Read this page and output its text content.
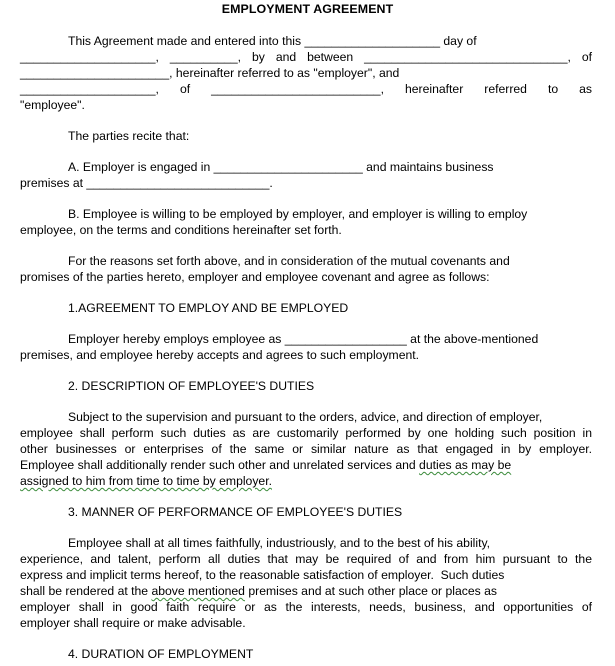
EMPLOYMENT AGREEMENT
This Agreement made and entered into this ____________________ day of
____________________, __________, by and between ______________________________, of
______________________, hereinafter referred to as "employer", and
____________________, of _________________________, hereinafter referred to as
"employee".
The parties recite that:
A. Employer is engaged in ______________________ and maintains business
premises at ___________________________.
B. Employee is willing to be employed by employer, and employer is willing to employ
employee, on the terms and conditions hereinafter set forth.
For the reasons set forth above, and in consideration of the mutual covenants and
promises of the parties hereto, employer and employee covenant and agree as follows:
1.AGREEMENT TO EMPLOY AND BE EMPLOYED
Employer hereby employs employee as __________________ at the above-mentioned
premises, and employee hereby accepts and agrees to such employment.
2. DESCRIPTION OF EMPLOYEE'S DUTIES
Subject to the supervision and pursuant to the orders, advice, and direction of employer,
employee shall perform such duties as are customarily performed by one holding such position in
other businesses or enterprises of the same or similar nature as that engaged in by employer.
Employee shall additionally render such other and unrelated services and duties as may be
assigned to him from time to time by employer.
3. MANNER OF PERFORMANCE OF EMPLOYEE'S DUTIES
Employee shall at all times faithfully, industriously, and to the best of his ability,
experience, and talent, perform all duties that may be required of and from him pursuant to the
express and implicit terms hereof, to the reasonable satisfaction of employer.  Such duties
shall be rendered at the above mentioned premises and at such other place or places as
employer shall in good faith require or as the interests, needs, business, and opportunities of
employer shall require or make advisable.
4. DURATION OF EMPLOYMENT
